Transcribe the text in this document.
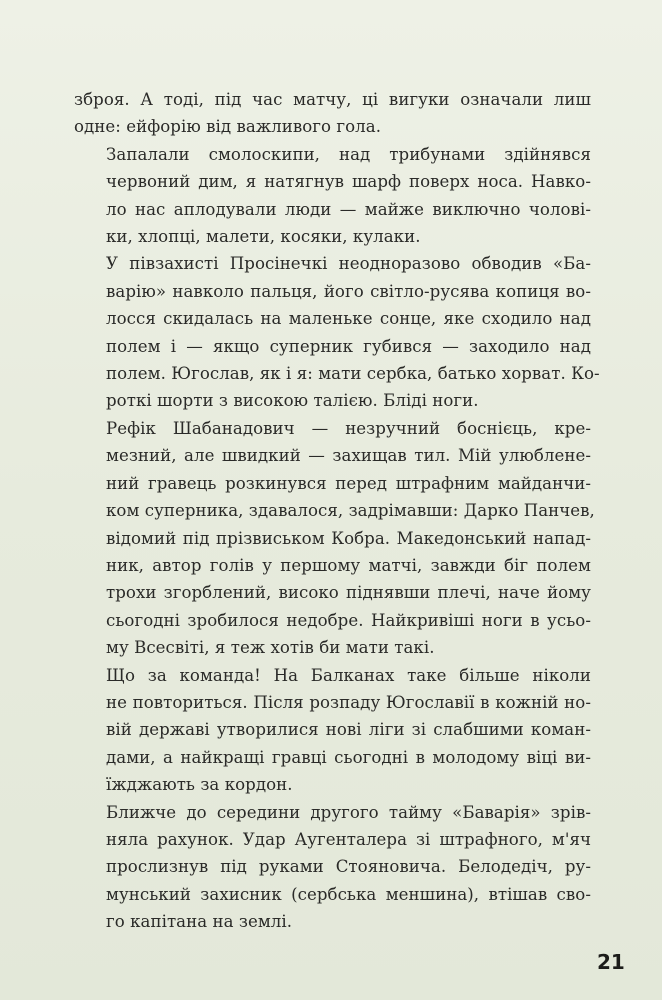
зброя. А тоді, під час матчу, ці вигуки означали лиш
одне: ейфорію від важливого гола.
Запалали смолоскипи, над трибунами здійнявся
червоний дим, я натягнув шарф поверх носа. Навко-
ло нас аплодували люди — майже виключно чолові-
ки, хлопці, малети, косяки, кулаки.
У півзахисті Просінечкі неодноразово обводив «Ба-
варію» навколо пальця, його світло-русява копиця во-
лосся скидалась на маленьке сонце, яке сходило над
полем і — якщо суперник губився — заходило над
полем. Югослав, як і я: мати сербка, батько хорват. Ко-
роткі шорти з високою талією. Бліді ноги.
Рефік Шабанадович — незручний боснієць, кре-
мезний, але швидкий — захищав тил. Мій улюблене-
ний гравець розкинувся перед штрафним майданчи-
ком суперника, здавалося, задрімавши: Дарко Панчев,
відомий під прізвиськом Кобра. Македонський напад-
ник, автор голів у першому матчі, завжди біг полем
трохи згорблений, високо піднявши плечі, наче йому
сьогодні зробилося недобре. Найкривіші ноги в усьо-
му Всесвіті, я теж хотів би мати такі.
Що за команда! На Балканах таке більше ніколи
не повториться. Після розпаду Югославії в кожній но-
вій державі утворилися нові ліги зі слабшими коман-
дами, а найкращі гравці сьогодні в молодому віці ви-
їжджають за кордон.
Ближче до середини другого тайму «Баварія» зрів-
няла рахунок. Удар Аугенталера зі штрафного, м'яч
прослизнув під руками Стояновича. Белодедіч, ру-
мунський захисник (сербська меншина), втішав сво-
го капітана на землі.
21
